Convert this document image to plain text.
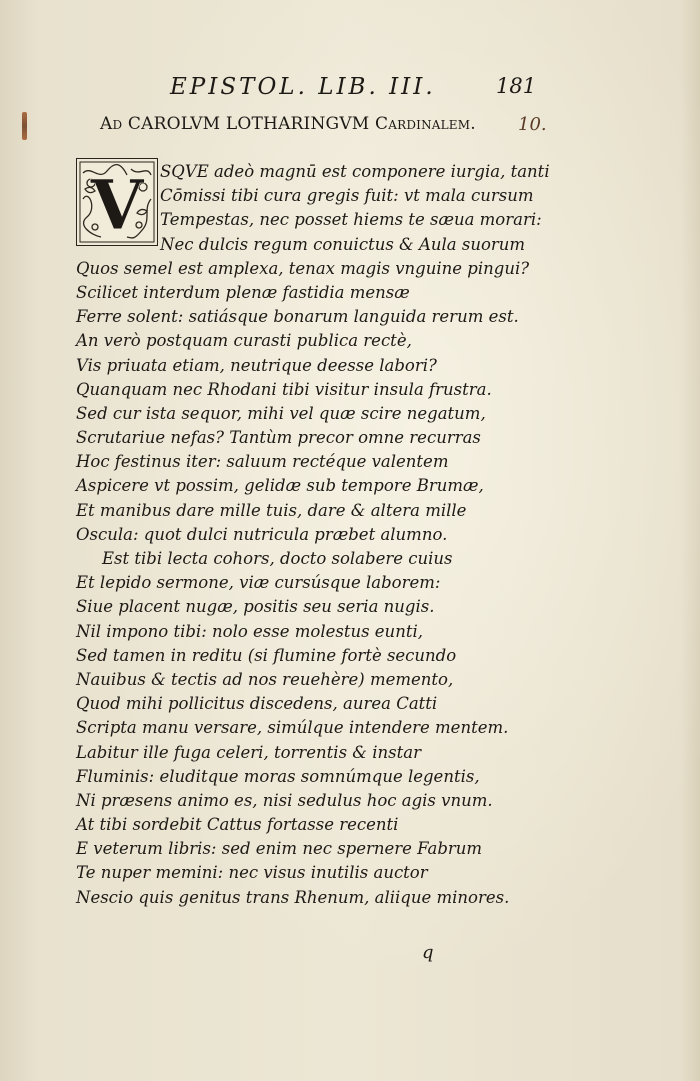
EPISTOL. LIB. III.	181
Ad CAROLVM LOTHARINGVM Cardinalem. 10.
V	SQVE adeò magnū est componere iurgia, tanti
Cōmissi tibi cura gregis fuit: vt mala cursum
Tempestas, nec posset hiems te sæua morari:
Nec dulcis regum conuictus & Aula suorum
Quos semel est amplexa, tenax magis vnguine pingui?
Scilicet interdum plenæ fastidia mensæ
Ferre solent: satiásque bonarum languida rerum est.
An verò postquam curasti publica rectè,
Vis priuata etiam, neutrique deesse labori?
Quanquam nec Rhodani tibi visitur insula frustra.
Sed cur ista sequor, mihi vel quæ scire negatum,
Scrutariue nefas? Tantùm precor omne recurras
Hoc festinus iter: saluum rectéque valentem
Aspicere vt possim, gelidæ sub tempore Brumæ,
Et manibus dare mille tuis, dare & altera mille
Oscula: quot dulci nutricula præbet alumno.
Est tibi lecta cohors, docto solabere cuius
Et lepido sermone, viæ cursúsque laborem:
Siue placent nugæ, positis seu seria nugis.
Nil impono tibi: nolo esse molestus eunti,
Sed tamen in reditu (si flumine fortè secundo
Nauibus & tectis ad nos reuehère) memento,
Quod mihi pollicitus discedens, aurea Catti
Scripta manu versare, simúlque intendere mentem.
Labitur ille fuga celeri, torrentis & instar
Fluminis: eluditque moras somnúmque legentis,
Ni præsens animo es, nisi sedulus hoc agis vnum.
At tibi sordebit Cattus fortasse recenti
E veterum libris: sed enim nec spernere Fabrum
Te nuper memini: nec visus inutilis auctor
Nescio quis genitus trans Rhenum, aliique minores.
q
